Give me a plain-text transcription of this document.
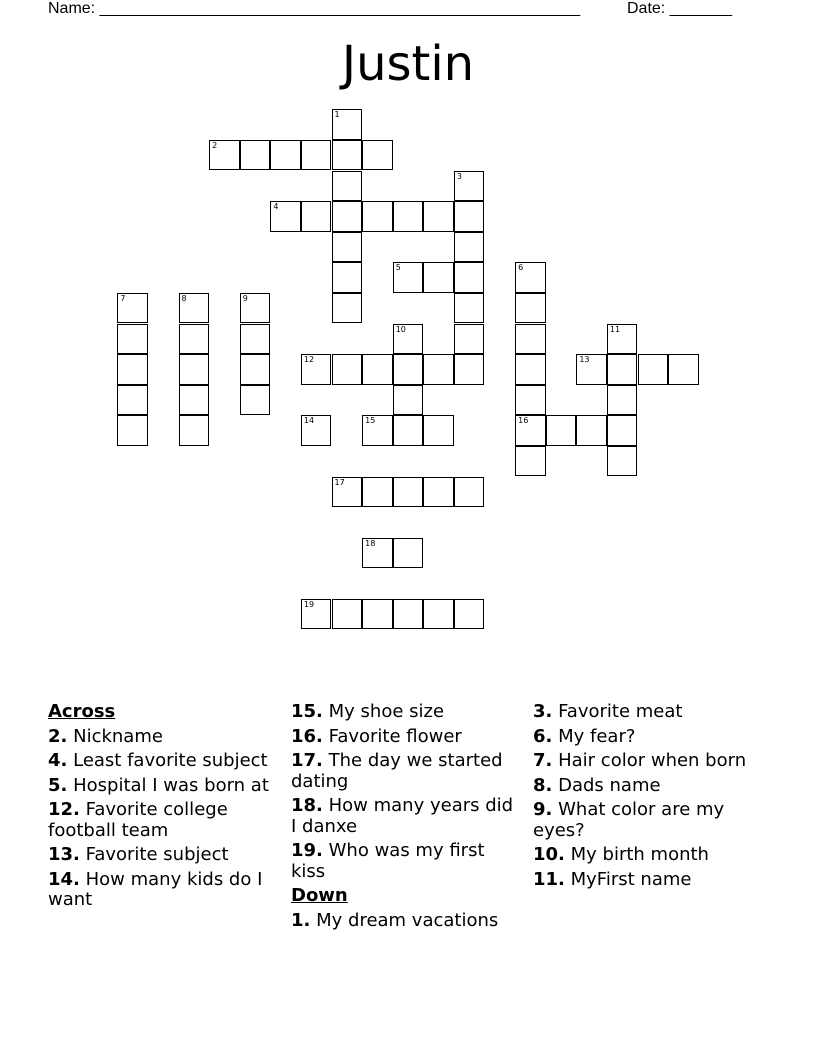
Name: ______________________________________________________	Date: _______
Justin
1
2
3
4
5	6
7	8	9
10	11
12	13
14	15	16
17
18
19
Across
2. Nickname
4. Least favorite subject
5. Hospital I was born at
12. Favorite college football team
13. Favorite subject
14. How many kids do I want
15. My shoe size
16. Favorite flower
17. The day we started dating
18. How many years did I danxe
19. Who was my first kiss
Down
1. My dream vacations
3. Favorite meat
6. My fear?
7. Hair color when born
8. Dads name
9. What color are my eyes?
10. My birth month
11. MyFirst name
